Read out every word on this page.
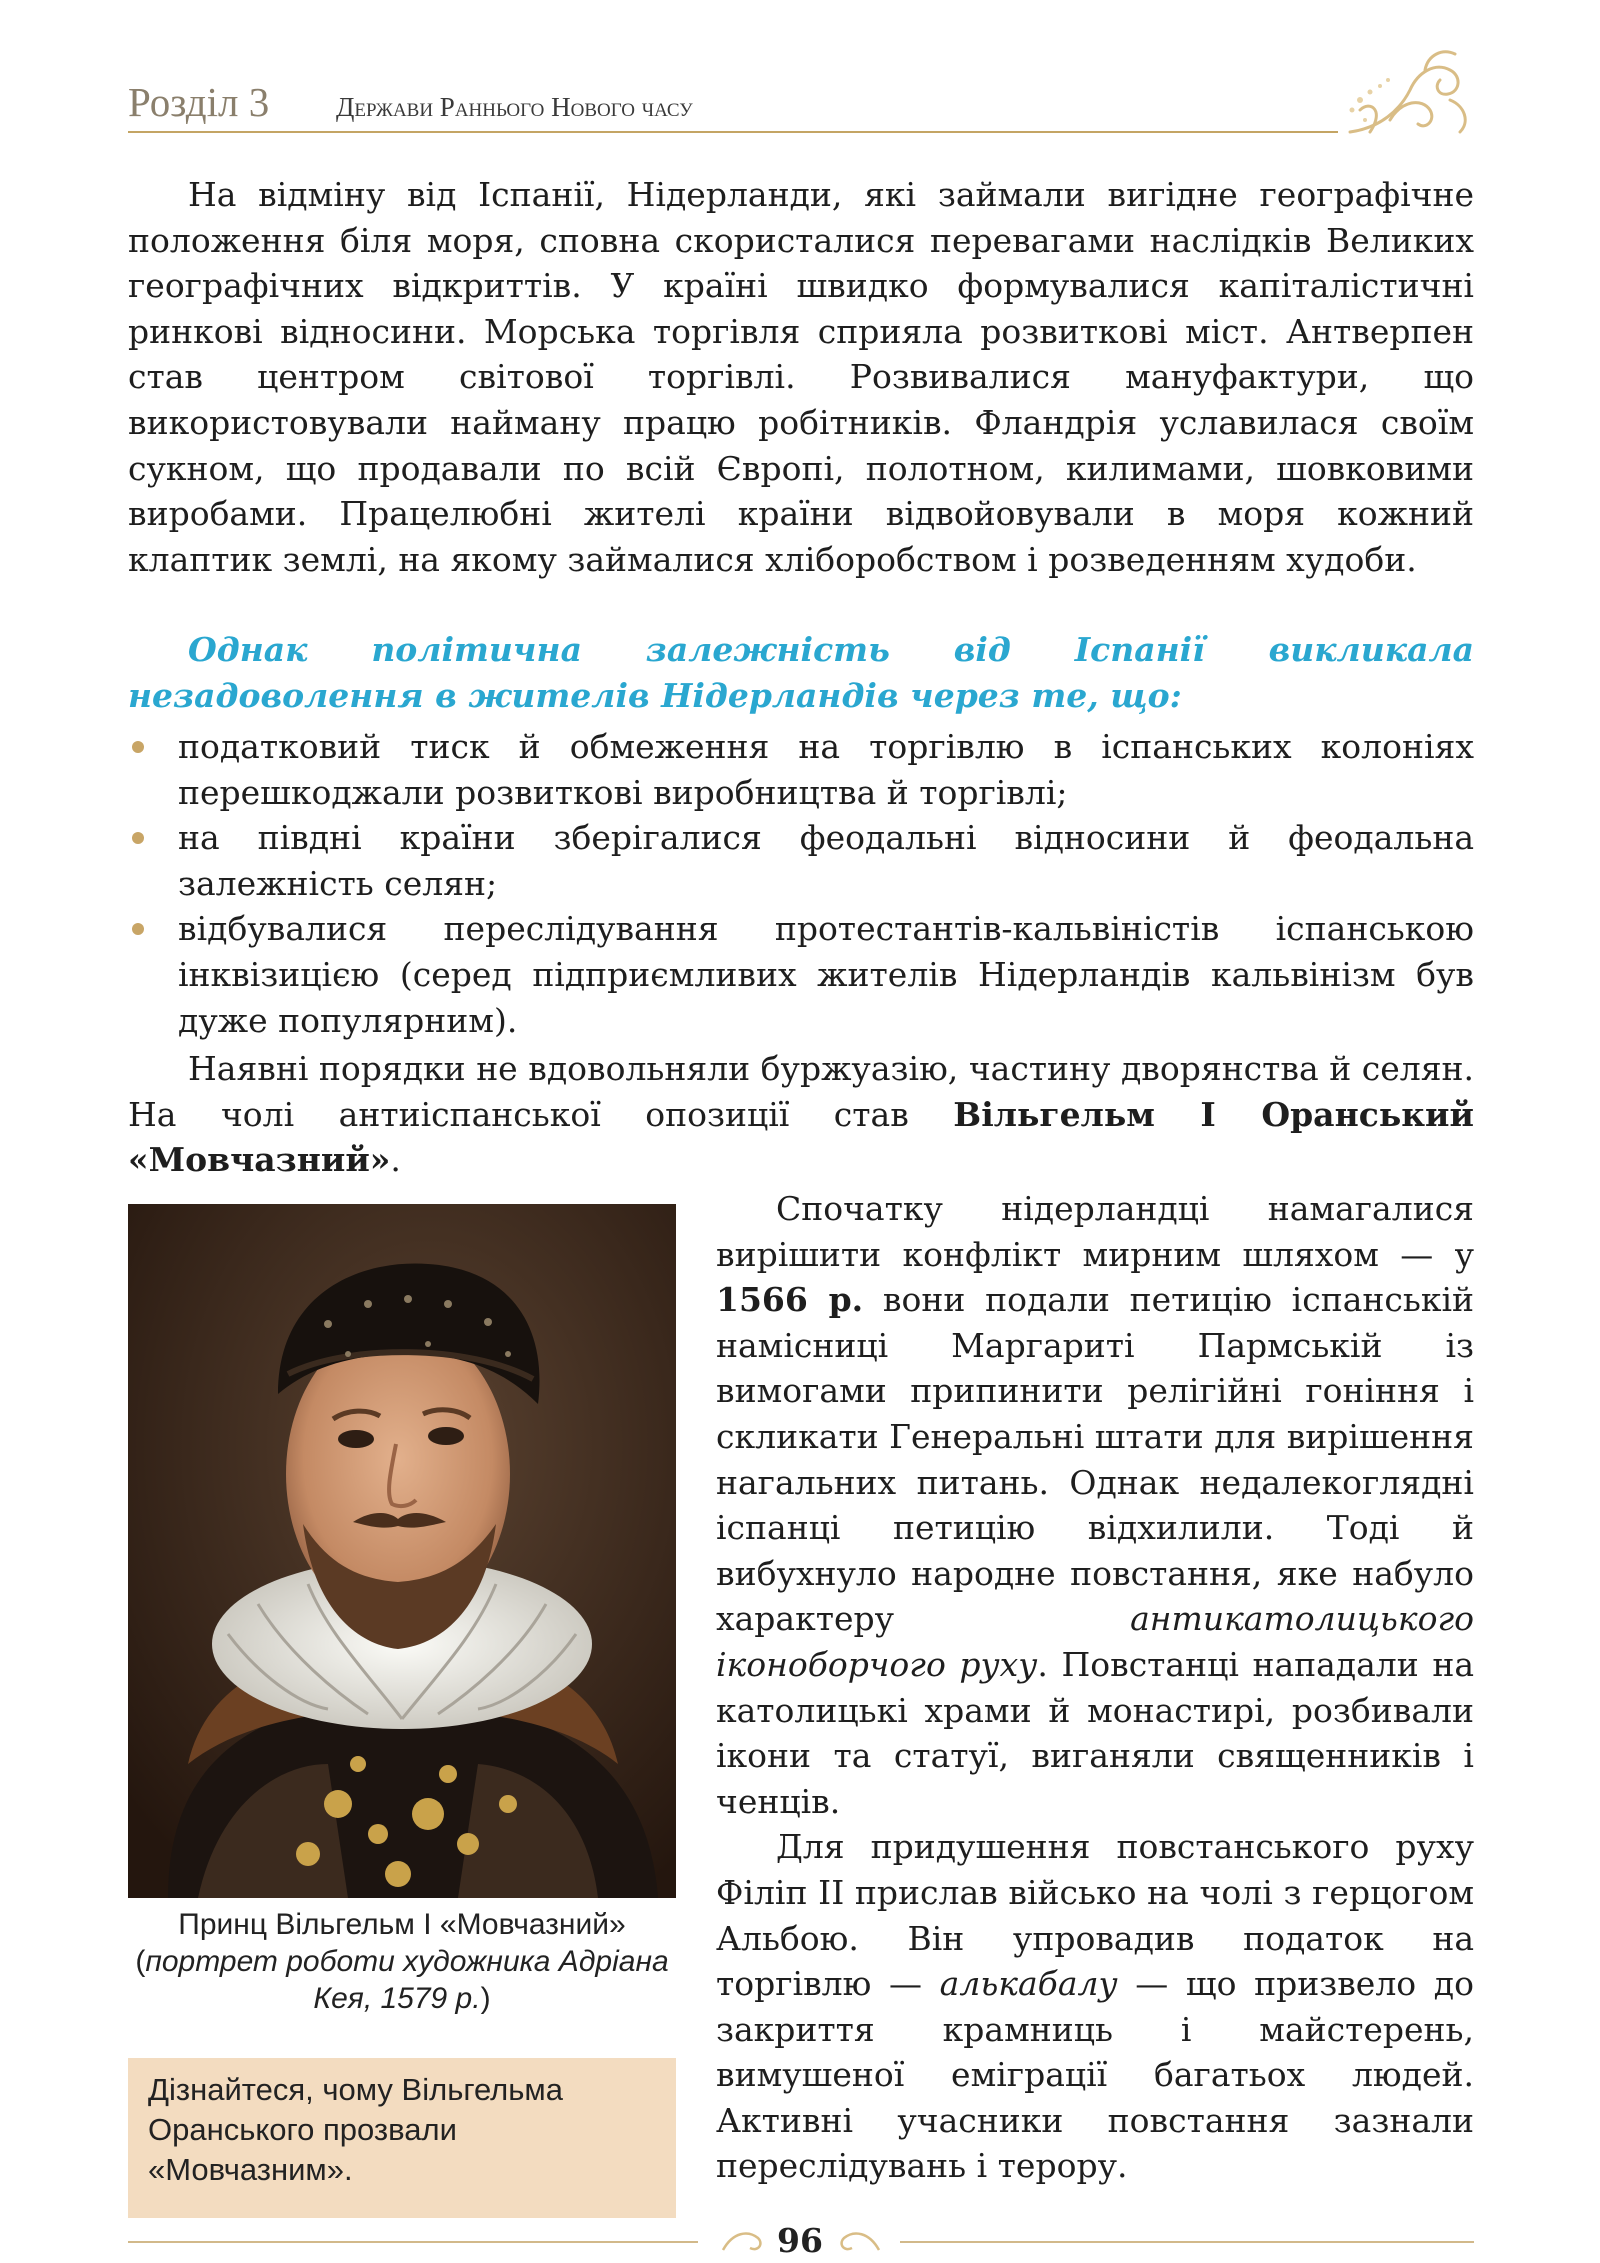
Розділ 3 Держави Раннього Нового часу

На відміну від Іспанії, Нідерланди, які займали вигідне географічне положення біля моря, сповна скористалися перевагами наслідків Великих географічних відкриттів. У країні швидко формувалися капіталістичні ринкові відносини. Морська торгівля сприяла розвиткові міст. Антверпен став центром світової торгівлі. Розвивалися мануфактури, що використовували найману працю робітників. Фландрія уславилася своїм сукном, що продавали по всій Європі, полотном, килимами, шовковими виробами. Працелюбні жителі країни відвойовували в моря кожний клаптик землі, на якому займалися хліборобством і розведенням худоби.

Однак політична залежність від Іспанії викликала незадоволення в жителів Нідерландів через те, що:

податковий тиск й обмеження на торгівлю в іспанських колоніях перешкоджали розвиткові виробництва й торгівлі;
на півдні країни зберігалися феодальні відносини й феодальна залежність селян;
відбувалися переслідування протестантів-кальвіністів іспанською інквізицією (серед підприємливих жителів Нідерландів кальвінізм був дуже популярним).

Наявні порядки не вдовольняли буржуазію, частину дворянства й селян. На чолі антиіспанської опозиції став Вільгельм I Оранський «Мовчазний».

Принц Вільгельм І «Мовчазний»

(портрет роботи художника Адріана Кея, 1579 р.)

Дізнайтеся, чому Вільгельма Оранського прозвали «Мовчазним».

Спочатку нідерландці намагалися вирішити конфлікт мирним шляхом — у 1566 р. вони подали петицію іспанській намісниці Маргариті Пармській із вимогами припинити релігійні гоніння і скликати Генеральні штати для вирішення нагальних питань. Однак недалекоглядні іспанці петицію відхилили. Тоді й вибухнуло народне повстання, яке набуло характеру антикатолицького іконоборчого руху. Повстанці нападали на католицькі храми й монастирі, розбивали ікони та статуї, виганяли священників і ченців.

Для придушення повстанського руху Філіп II прислав військо на чолі з герцогом Альбою. Він упровадив податок на торгівлю — алькабалу — що призвело до закриття крамниць і майстерень, вимушеної еміграції багатьох людей. Активні учасники повстання зазнали переслідувань і терору.

96
